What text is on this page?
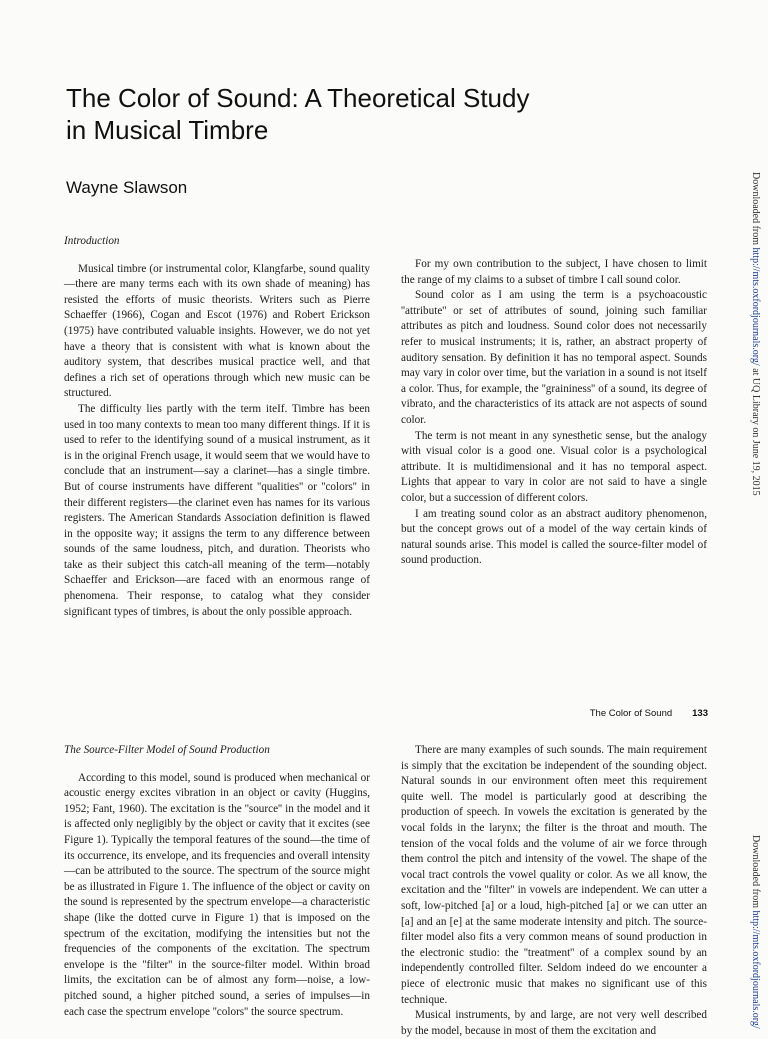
The Color of Sound: A Theoretical Study
in Musical Timbre
Wayne Slawson
Introduction

Musical timbre (or instrumental color, Klangfarbe, sound quality—there are many terms each with its own shade of meaning) has resisted the efforts of music theorists. Writers such as Pierre Schaeffer (1966), Cogan and Escot (1976) and Robert Erickson (1975) have contributed valuable insights. However, we do not yet have a theory that is consistent with what is known about the auditory system, that describes musical practice well, and that defines a rich set of operations through which new music can be structured.

The difficulty lies partly with the term iteIf. Timbre has been used in too many contexts to mean too many different things. If it is used to refer to the identifying sound of a musical instrument, as it is in the original French usage, it would seem that we would have to conclude that an instrument—say a clarinet—has a single timbre. But of course instruments have different ''qualities'' or ''colors'' in their different registers—the clarinet even has names for its various registers. The American Standards Association definition is flawed in the opposite way; it assigns the term to any difference between sounds of the same loudness, pitch, and duration. Theorists who take as their subject this catch-all meaning of the term—notably Schaeffer and Erickson—are faced with an enormous range of phenomena. Their response, to catalog what they consider significant types of timbres, is about the only possible approach.

For my own contribution to the subject, I have chosen to limit the range of my claims to a subset of timbre I call sound color.

Sound color as I am using the term is a psychoacoustic ''attribute'' or set of attributes of sound, joining such familiar attributes as pitch and loudness. Sound color does not necessarily refer to musical instruments; it is, rather, an abstract property of auditory sensation. By definition it has no temporal aspect. Sounds may vary in color over time, but the variation in a sound is not itself a color. Thus, for example, the ''graininess'' of a sound, its degree of vibrato, and the characteristics of its attack are not aspects of sound color.

The term is not meant in any synesthetic sense, but the analogy with visual color is a good one. Visual color is a psychological attribute. It is multidimensional and it has no temporal aspect. Lights that appear to vary in color are not said to have a single color, but a succession of different colors.

I am treating sound color as an abstract auditory phenomenon, but the concept grows out of a model of the way certain kinds of natural sounds arise. This model is called the source-filter model of sound production.

Downloaded from http://mts.oxfordjournals.org/ at UQ Library on June 19, 2015
The Color of Sound 133
The Source-Filter Model of Sound Production

According to this model, sound is produced when mechanical or acoustic energy excites vibration in an object or cavity (Huggins, 1952; Fant, 1960). The excitation is the ''source'' in the model and it is affected only negligibly by the object or cavity that it excites (see Figure 1). Typically the temporal features of the sound—the time of its occurrence, its envelope, and its frequencies and overall intensity—can be attributed to the source. The spectrum of the source might be as illustrated in Figure 1. The influence of the object or cavity on the sound is represented by the spectrum envelope—a characteristic shape (like the dotted curve in Figure 1) that is imposed on the spectrum of the excitation, modifying the intensities but not the frequencies of the components of the excitation. The spectrum envelope is the ''filter'' in the source-filter model. Within broad limits, the excitation can be of almost any form—noise, a low-pitched sound, a higher pitched sound, a series of impulses—in each case the spectrum envelope ''colors'' the source spectrum.

There are many examples of such sounds. The main requirement is simply that the excitation be independent of the sounding object. Natural sounds in our environment often meet this requirement quite well. The model is particularly good at describing the production of speech. In vowels the excitation is generated by the vocal folds in the larynx; the filter is the throat and mouth. The tension of the vocal folds and the volume of air we force through them control the pitch and intensity of the vowel. The shape of the vocal tract controls the vowel quality or color. As we all know, the excitation and the ''filter'' in vowels are independent. We can utter a soft, low-pitched [a] or a loud, high-pitched [a] or we can utter an [a] and an [e] at the same moderate intensity and pitch. The source-filter model also fits a very common means of sound production in the electronic studio: the ''treatment'' of a complex sound by an independently controlled filter. Seldom indeed do we encounter a piece of electronic music that makes no significant use of this technique.

Musical instruments, by and large, are not very well described by the model, because in most of them the excitation and

Downloaded from http://mts.oxfordjournals.org/
